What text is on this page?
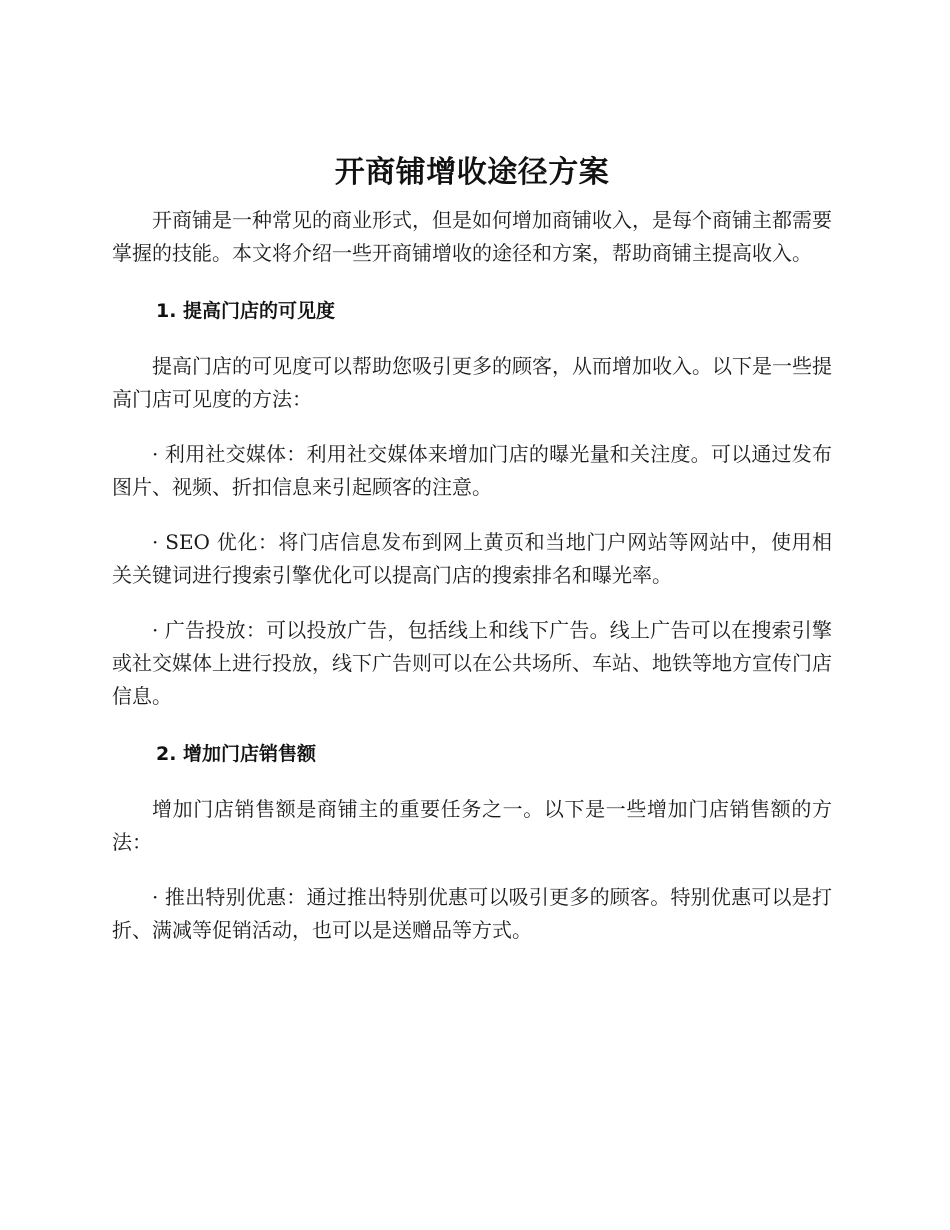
开商铺增收途径方案

开商铺是一种常见的商业形式，但是如何增加商铺收入，是每个商铺主都需要掌握的技能。本文将介绍一些开商铺增收的途径和方案，帮助商铺主提高收入。

1. 提高门店的可见度

提高门店的可见度可以帮助您吸引更多的顾客，从而增加收入。以下是一些提高门店可见度的方法：

· 利用社交媒体：利用社交媒体来增加门店的曝光量和关注度。可以通过发布图片、视频、折扣信息来引起顾客的注意。

· SEO 优化：将门店信息发布到网上黄页和当地门户网站等网站中，使用相关关键词进行搜索引擎优化可以提高门店的搜索排名和曝光率。

· 广告投放：可以投放广告，包括线上和线下广告。线上广告可以在搜索引擎或社交媒体上进行投放，线下广告则可以在公共场所、车站、地铁等地方宣传门店信息。

2. 增加门店销售额

增加门店销售额是商铺主的重要任务之一。以下是一些增加门店销售额的方法：

· 推出特别优惠：通过推出特别优惠可以吸引更多的顾客。特别优惠可以是打折、满减等促销活动，也可以是送赠品等方式。
